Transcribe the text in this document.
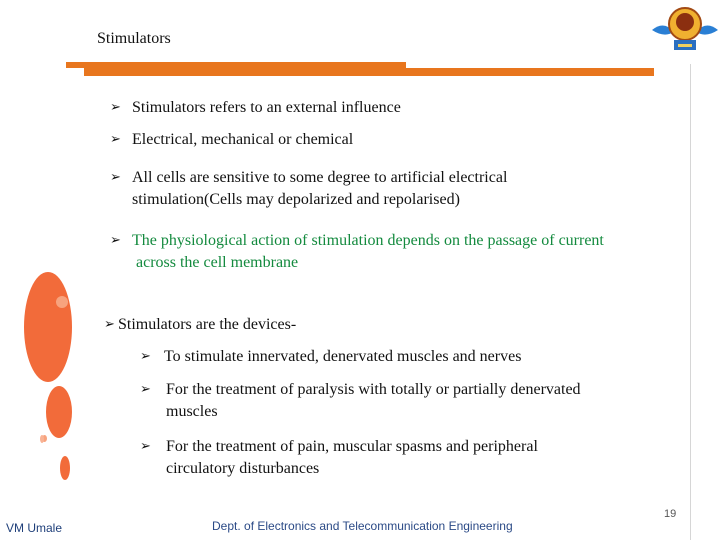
Stimulators
➢ Stimulators refers to an external influence
➢ Electrical, mechanical or chemical
➢ All cells are sensitive to some degree to artificial electrical
stimulation(Cells may depolarized and repolarised)
➢ The physiological action of stimulation depends on the passage of current
across the cell membrane
➢ Stimulators are the devices-
➢ To stimulate innervated, denervated muscles and nerves
➢ For the treatment of paralysis with totally or partially denervated
muscles
➢ For the treatment of pain, muscular spasms and peripheral
circulatory disturbances
19
VM Umale	Dept. of Electronics and Telecommunication Engineering
